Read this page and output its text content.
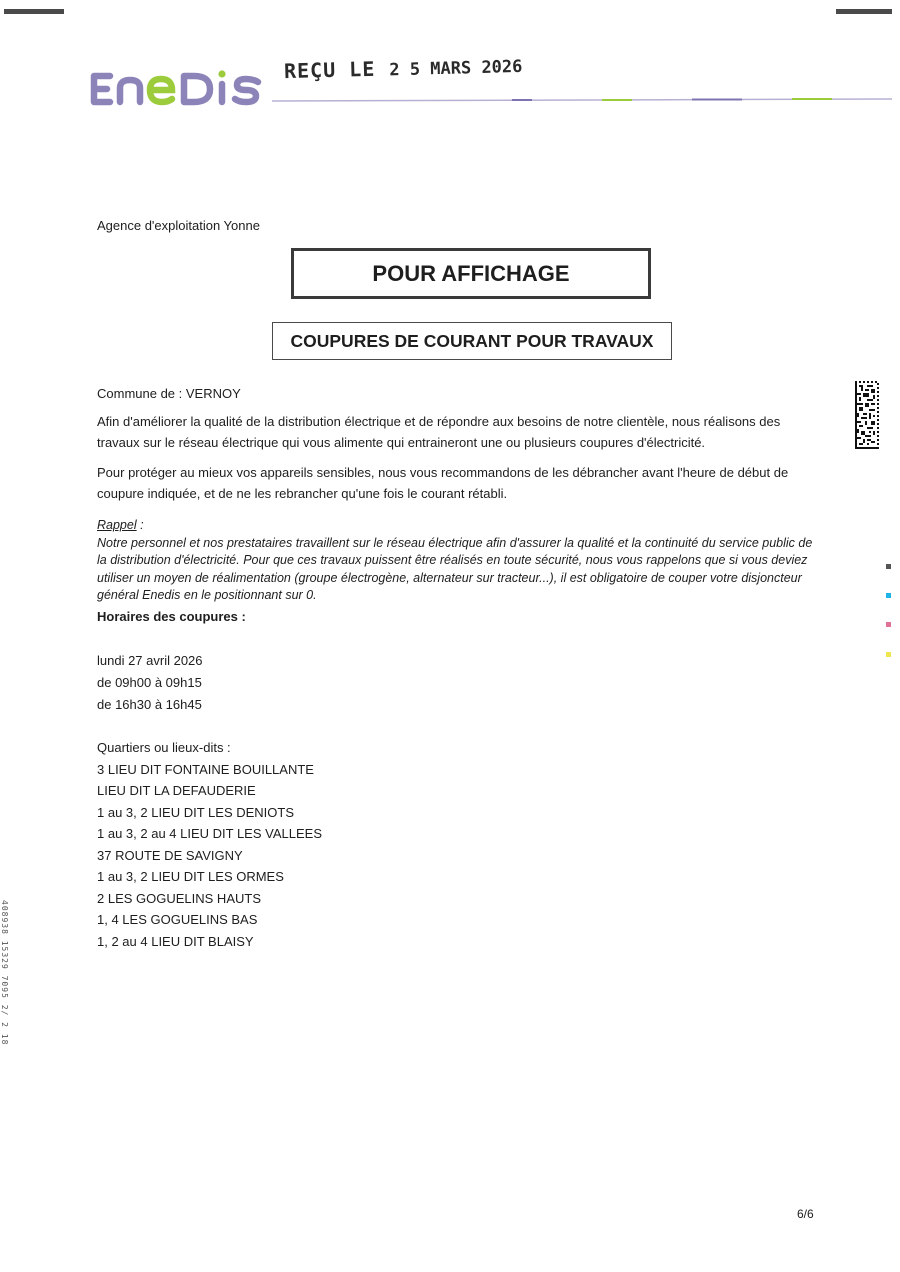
REÇU LE 2 5 MARS 2026
Agence d'exploitation Yonne
POUR AFFICHAGE
COUPURES DE COURANT POUR TRAVAUX
Commune de : VERNOY

Afin d'améliorer la qualité de la distribution électrique et de répondre aux besoins de notre clientèle, nous réalisons des travaux sur le réseau électrique qui vous alimente qui entraineront une ou plusieurs coupures d'électricité.

Pour protéger au mieux vos appareils sensibles, nous vous recommandons de les débrancher avant l'heure de début de coupure indiquée, et de ne les rebrancher qu'une fois le courant rétabli.

Rappel :
Notre personnel et nos prestataires travaillent sur le réseau électrique afin d'assurer la qualité et la continuité du service public de la distribution d'électricité. Pour que ces travaux puissent être réalisés en toute sécurité, nous vous rappelons que si vous deviez utiliser un moyen de réalimentation (groupe électrogène, alternateur sur tracteur...), il est obligatoire de couper votre disjoncteur général Enedis en le positionnant sur 0.
Horaires des coupures :
lundi 27 avril 2026
de 09h00 à 09h15
de 16h30 à 16h45
Quartiers ou lieux-dits :
3 LIEU DIT FONTAINE BOUILLANTE
LIEU DIT LA DEFAUDERIE
1 au 3, 2 LIEU DIT LES DENIOTS
1 au 3, 2 au 4 LIEU DIT LES VALLEES
37 ROUTE DE SAVIGNY
1 au 3, 2 LIEU DIT LES ORMES
2 LES GOGUELINS HAUTS
1, 4 LES GOGUELINS BAS
1, 2 au 4 LIEU DIT BLAISY
408938 15329 7095 2/ 2 18
6/6
